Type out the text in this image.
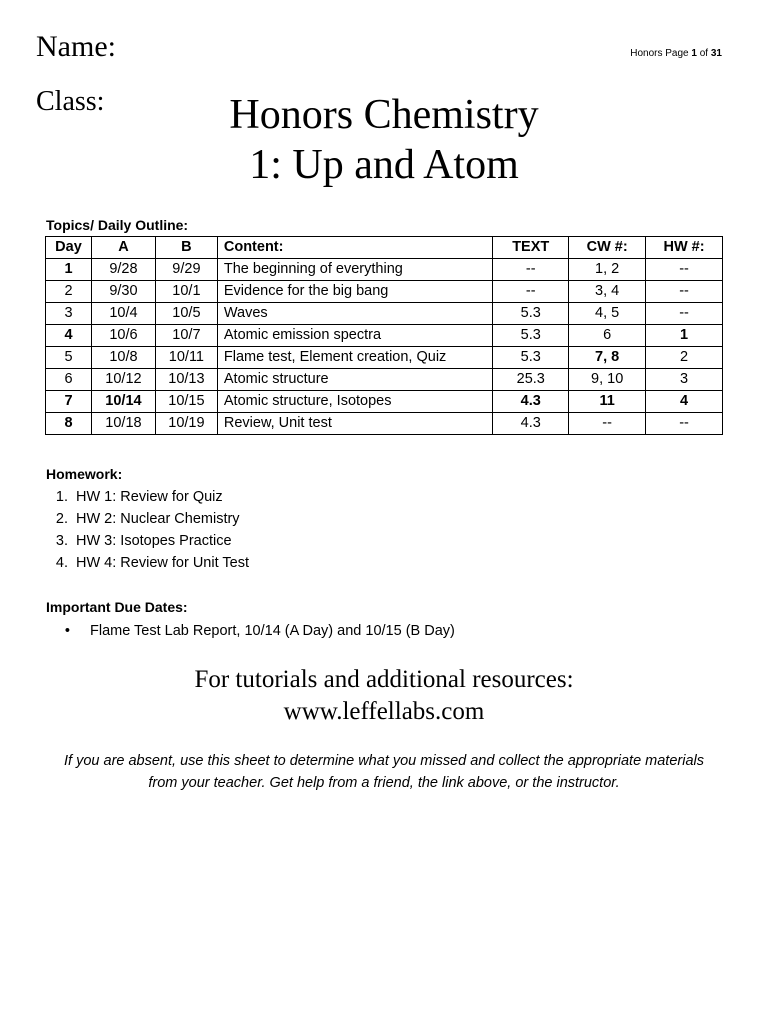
Name:
Class:
Honors Page 1 of 31
Honors Chemistry
1: Up and Atom
Topics/ Daily Outline:
Day	A	B	Content:	TEXT	CW #:	HW #:
1	9/28	9/29	The beginning of everything	--	1, 2	--
2	9/30	10/1	Evidence for the big bang	--	3, 4	--
3	10/4	10/5	Waves	5.3	4, 5	--
4	10/6	10/7	Atomic emission spectra	5.3	6	1
5	10/8	10/11	Flame test, Element creation, Quiz	5.3	7, 8	2
6	10/12	10/13	Atomic structure	25.3	9, 10	3
7	10/14	10/15	Atomic structure, Isotopes	4.3	11	4
8	10/18	10/19	Review, Unit test	4.3	--	--
Homework:
1. HW 1: Review for Quiz
2. HW 2: Nuclear Chemistry
3. HW 3: Isotopes Practice
4. HW 4: Review for Unit Test
Important Due Dates:
• Flame Test Lab Report, 10/14 (A Day) and 10/15 (B Day)
For tutorials and additional resources:
www.leffellabs.com
If you are absent, use this sheet to determine what you missed and collect the appropriate materials from your teacher. Get help from a friend, the link above, or the instructor.
